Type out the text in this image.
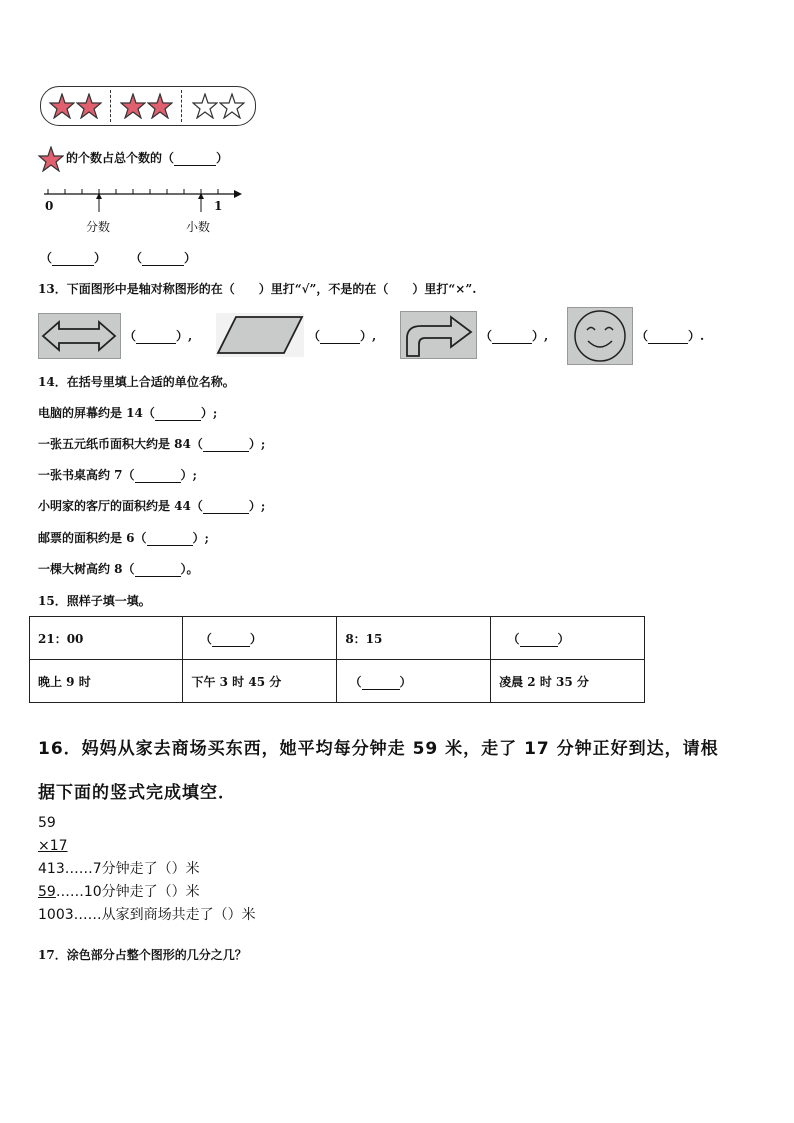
的个数占总个数的（	）
0	1
分数	小数
（	） （	）
13．下面图形中是轴对称图形的在（　　）里打“√”，不是的在（　　）里打“×”.
（	）,	（	）,	（	）,	（	）.
14．在括号里填上合适的单位名称。
电脑的屏幕约是 14（	）;
一张五元纸币面积大约是 84（	）;
一张书桌高约 7（	）;
小明家的客厅的面积约是 44（	）;
邮票的面积约是 6（	）;
一棵大树高约 8（	）。
15．照样子填一填。
21：00	（ ）	8：15	（ ）
晚上 9 时	下午 3 时 45 分	（ ）	凌晨 2 时 35 分
16．妈妈从家去商场买东西，她平均每分钟走 59 米，走了 17 分钟正好到达，请根
据下面的竖式完成填空．
59
×17
413……7分钟走了（）米
59……10分钟走了（）米
1003……从家到商场共走了（）米
17．涂色部分占整个图形的几分之几？
